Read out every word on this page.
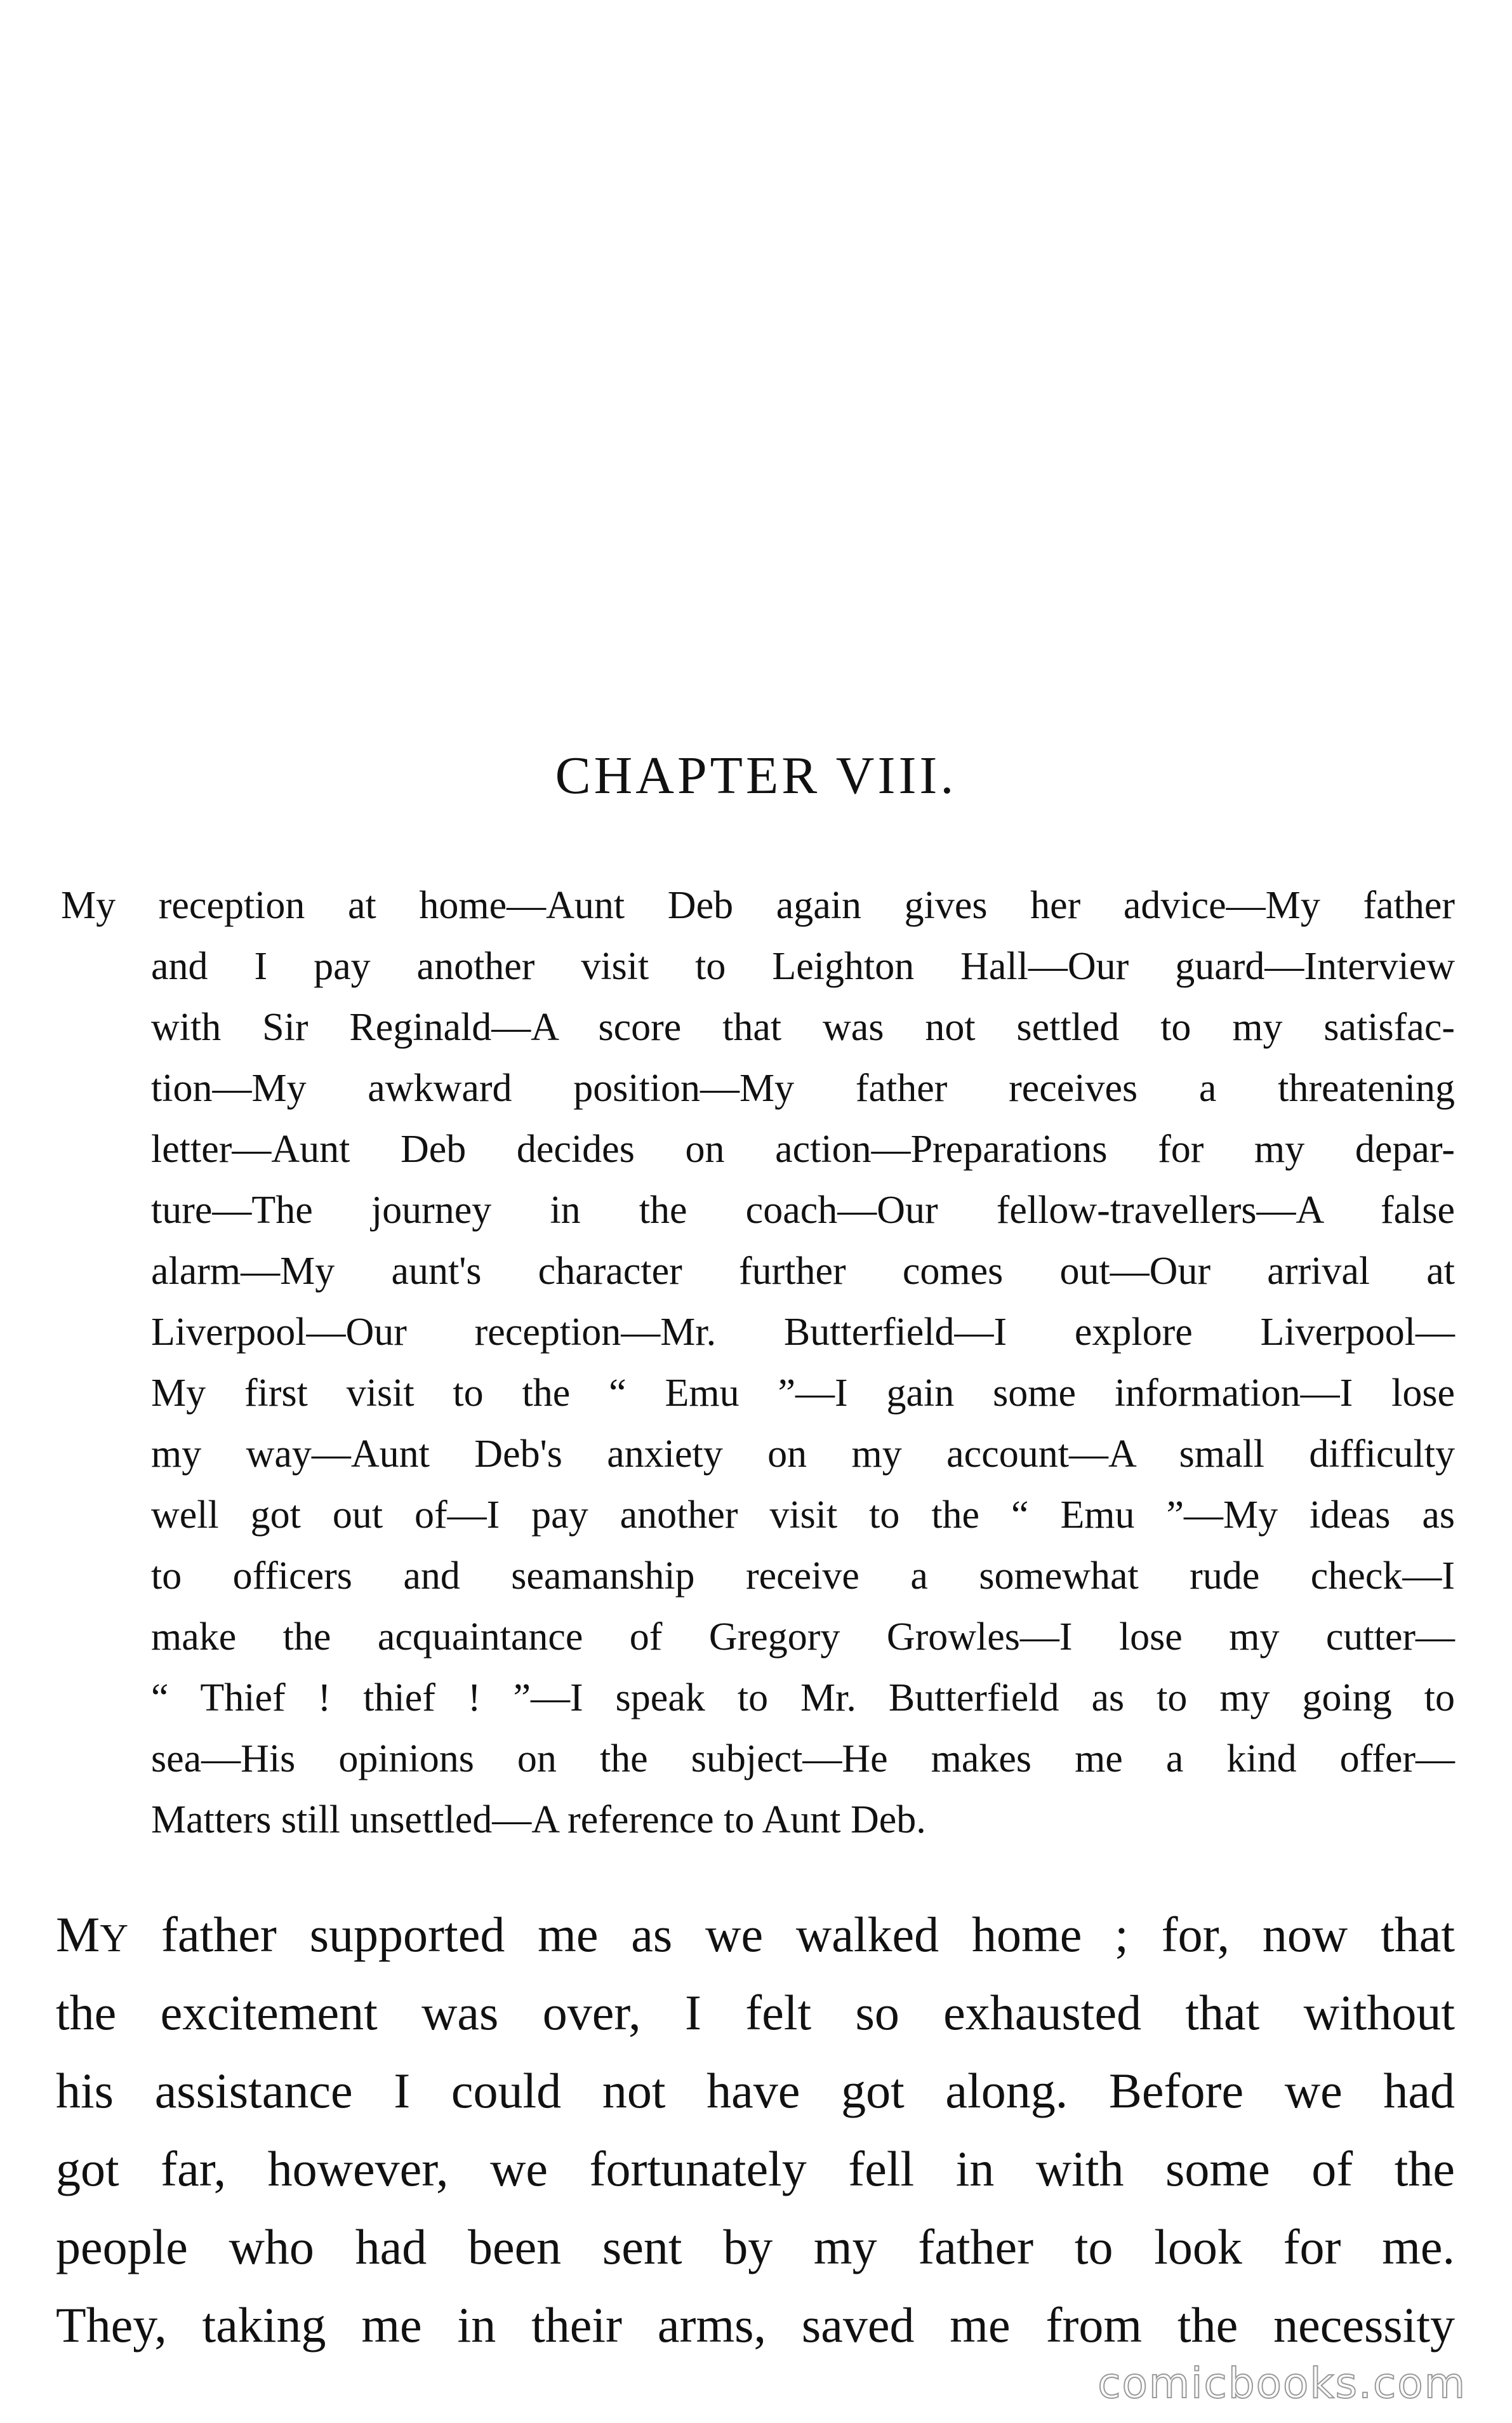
CHAPTER VIII.
My reception at home—Aunt Deb again gives her advice—My father
and I pay another visit to Leighton Hall—Our guard—Interview
with Sir Reginald—A score that was not settled to my satisfac-
tion—My awkward position—My father receives a threatening
letter—Aunt Deb decides on action—Preparations for my depar-
ture—The journey in the coach—Our fellow-travellers—A false
alarm—My aunt's character further comes out—Our arrival at
Liverpool—Our reception—Mr. Butterfield—I explore Liverpool—
My first visit to the “ Emu ”—I gain some information—I lose
my way—Aunt Deb's anxiety on my account—A small difficulty
well got out of—I pay another visit to the “ Emu ”—My ideas as
to officers and seamanship receive a somewhat rude check—I
make the acquaintance of Gregory Growles—I lose my cutter—
“ Thief ! thief ! ”—I speak to Mr. Butterfield as to my going to
sea—His opinions on the subject—He makes me a kind offer—
Matters still unsettled—A reference to Aunt Deb.
MY father supported me as we walked home ; for, now that
the excitement was over, I felt so exhausted that without
his assistance I could not have got along. Before we had
got far, however, we fortunately fell in with some of the
people who had been sent by my father to look for me.
They, taking me in their arms, saved me from the necessity
comicbooks.com
